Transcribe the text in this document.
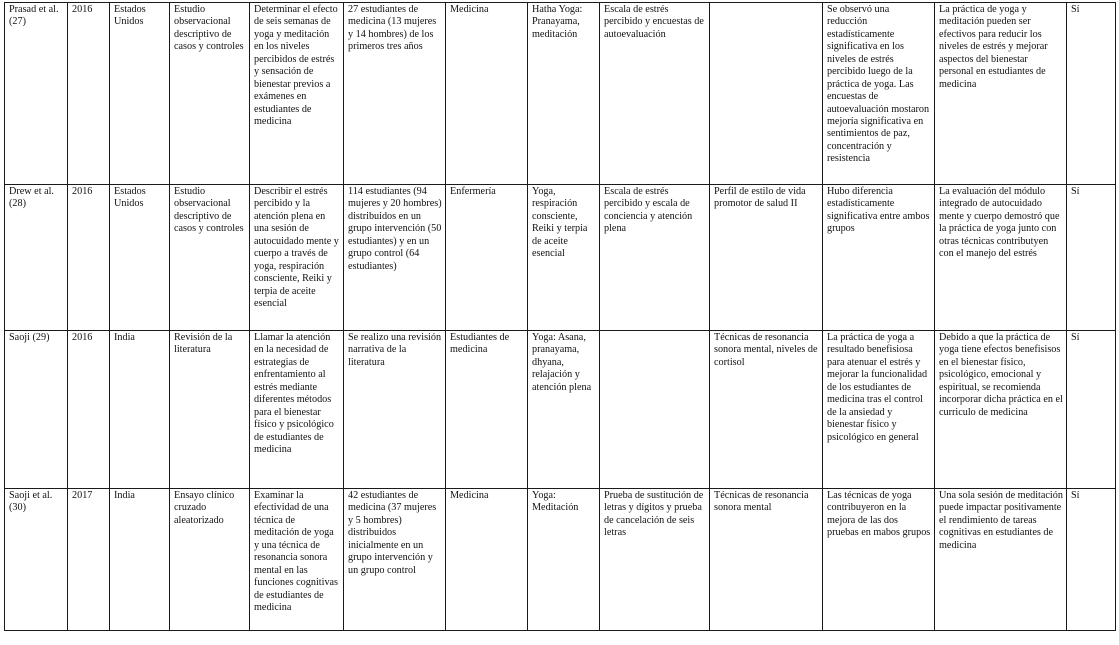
Prasad et al. (27)	2016	Estados Unidos	Estudio observacional descriptivo de casos y controles	Determinar el efecto de seis semanas de yoga y meditación en los niveles percibidos de estrés y sensación de bienestar previos a exámenes en estudiantes de medicina	27 estudiantes de medicina (13 mujeres y 14 hombres) de los primeros tres años	Medicina	Hatha Yoga: Pranayama, meditación	Escala de estrés percibido y encuestas de autoevaluación		Se observó una reducción estadísticamente significativa en los niveles de estrés percibido luego de la práctica de yoga. Las encuestas de autoevaluación mostaron mejoría significativa en sentimientos de paz, concentración y resistencia	La práctica de yoga y meditación pueden ser efectivos para reducir los niveles de estrés y mejorar aspectos del bienestar personal en estudiantes de medicina	Sí
Drew et al. (28)	2016	Estados Unidos	Estudio observacional descriptivo de casos y controles	Describir el estrés percibido y la atención plena en una sesión de autocuidado mente y cuerpo a través de yoga, respiración consciente, Reiki y terpia de aceite esencial	114 estudiantes (94 mujeres y 20 hombres) distribuidos en un grupo intervención (50 estudiantes) y en un grupo control (64 estudiantes)	Enfermería	Yoga, respiración consciente, Reiki y terpia de aceite esencial	Escala de estrés percibido y escala de conciencia y atención plena	Perfil de estilo de vida promotor de salud II	Hubo diferencia estadísticamente significativa entre ambos grupos	La evaluación del módulo integrado de autocuidado mente y cuerpo demostró que la práctica de yoga junto con otras técnicas contributyen con el manejo del estrés	Sí
Saoji (29)	2016	India	Revisión de la literatura	Llamar la atención en la necesidad de estrategias de enfrentamiento al estrés mediante diferentes métodos para el bienestar físico y psicológico de estudiantes de medicina	Se realizo una revisión narrativa de la literatura	Estudiantes de medicina	Yoga: Asana, pranayama, dhyana, relajación y atención plena		Técnicas de resonancia sonora mental, niveles de cortisol	La práctica de yoga a resultado benefisiosa para atenuar el estrés y mejorar la funcionalidad de los estudiantes de medicina tras el control de la ansiedad y bienestar físico y psicológico en general	Debido a que la práctica de yoga tiene efectos benefisisos en el bienestar físico, psicológico, emocional y espiritual, se recomienda incorporar dicha práctica en el curriculo de medicina	Sí
Saoji et al. (30)	2017	India	Ensayo clínico cruzado aleatorizado	Examinar la efectividad de una técnica de meditación de yoga y una técnica de resonancia sonora mental en las funciones cognitivas de estudiantes de medicina	42 estudiantes de medicina (37 mujeres y 5 hombres) distribuidos inicialmente en un grupo intervención y un grupo control	Medicina	Yoga: Meditación	Prueba de sustitución de letras y dígitos y prueba de cancelación de seis letras	Técnicas de resonancia sonora mental	Las técnicas de yoga contribuyeron en la mejora de las dos pruebas en mabos grupos	Una sola sesión de meditación puede impactar positivamente el rendimiento de tareas cognitivas en estudiantes de medicina	Sí
